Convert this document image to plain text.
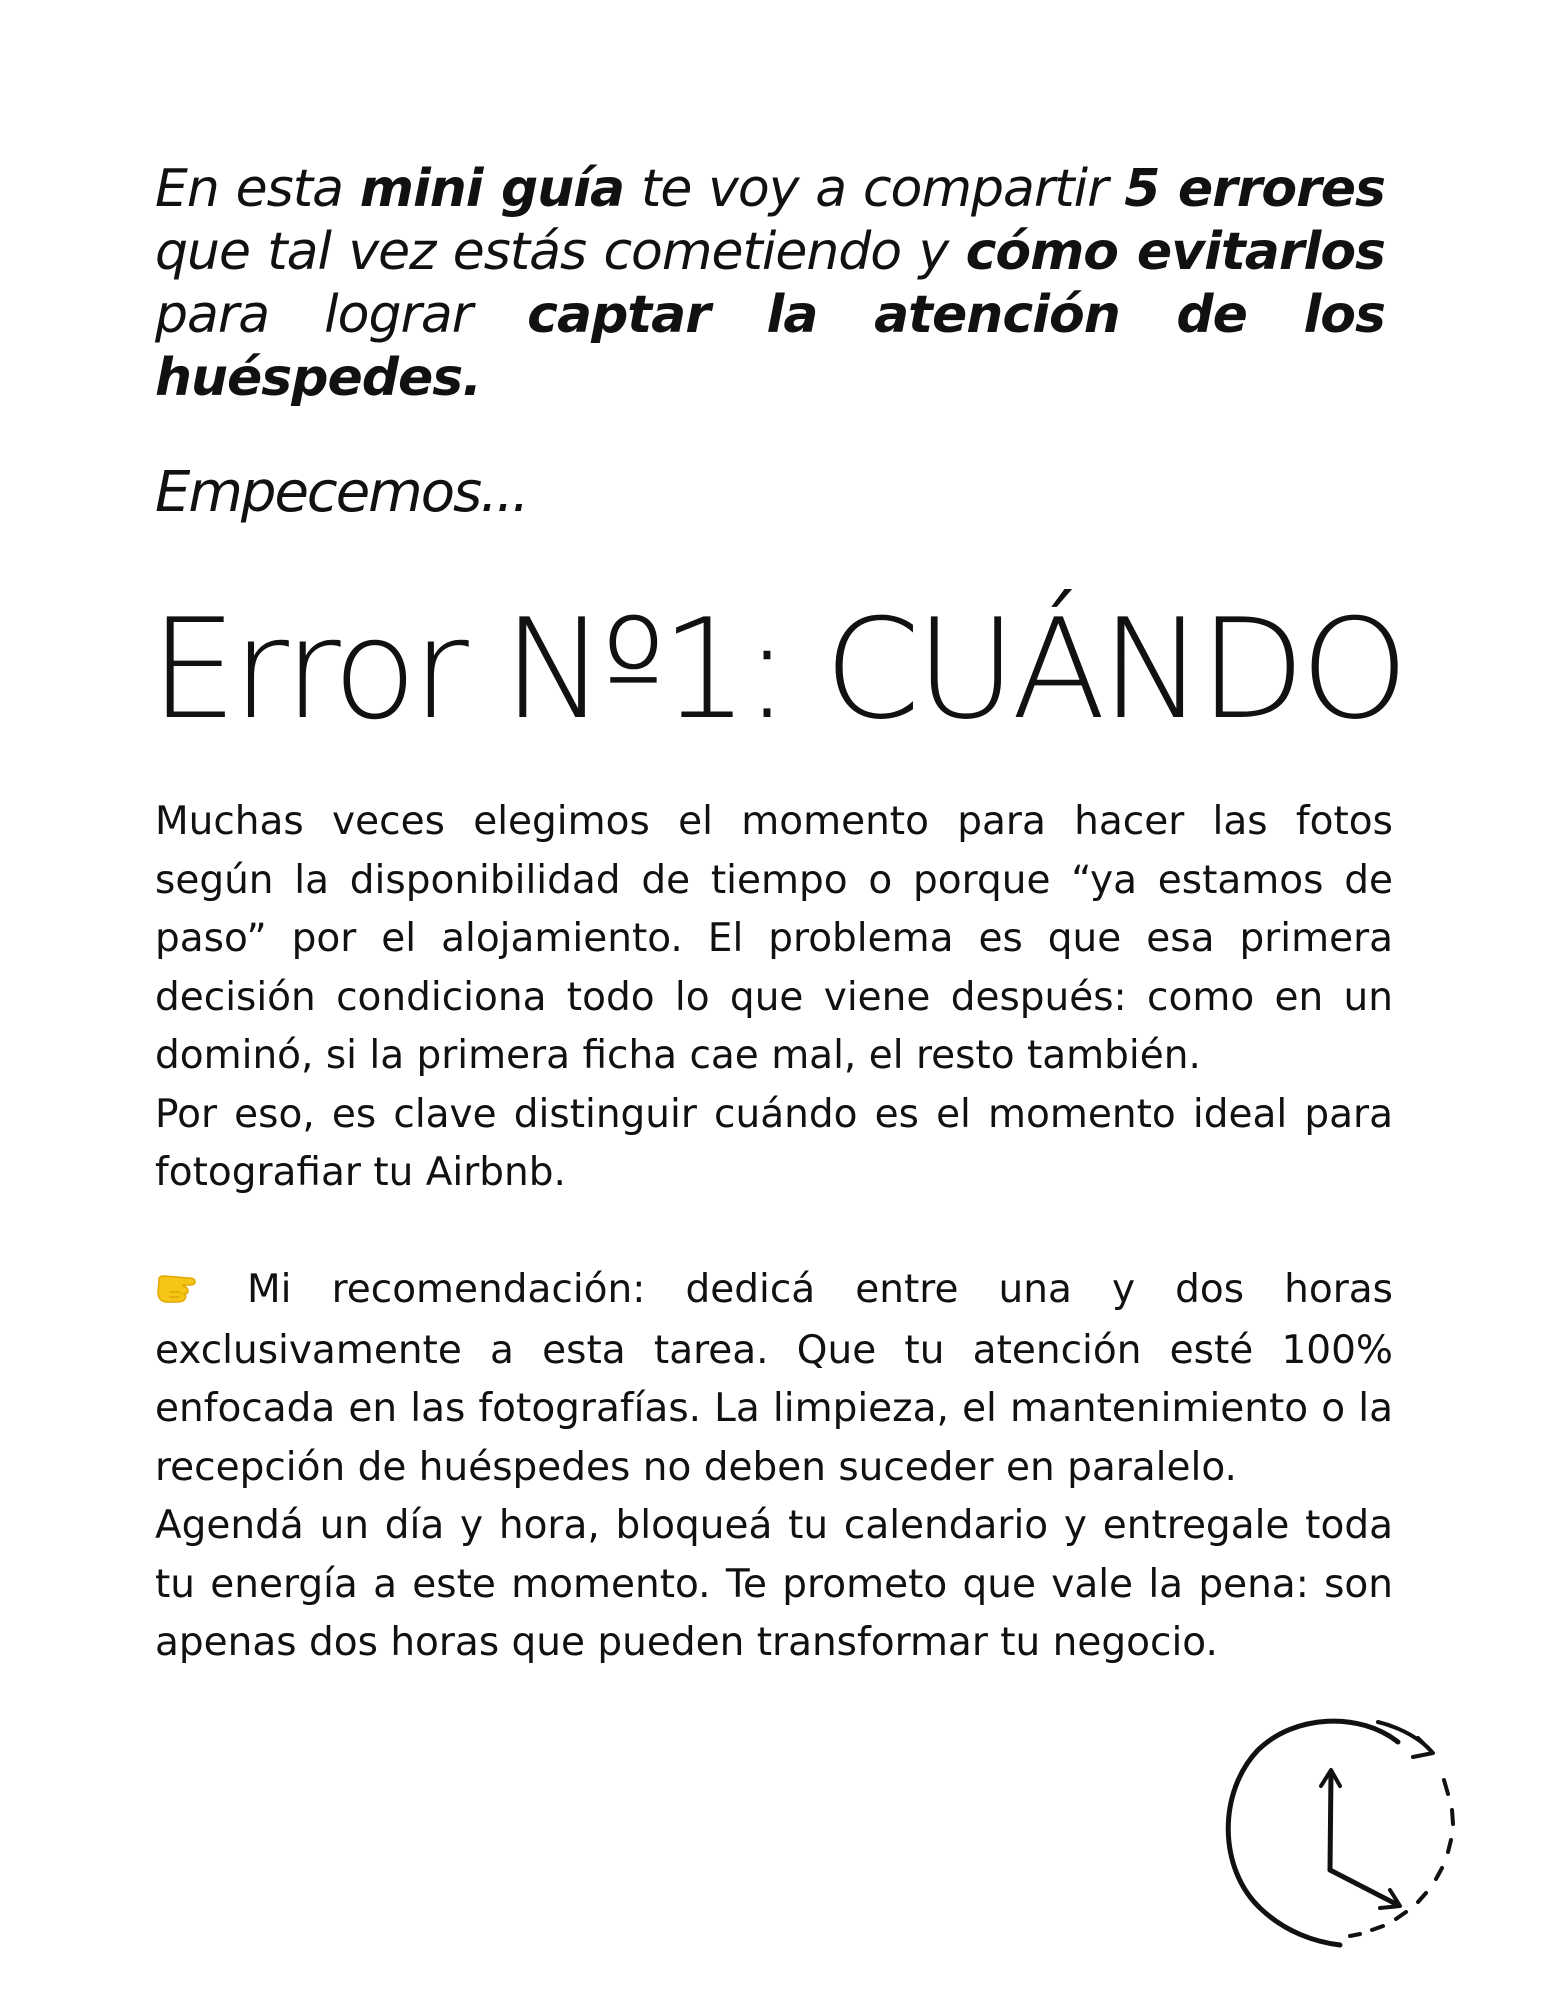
En esta mini guía te voy a compartir 5 errores que tal vez estás cometiendo y cómo evitarlos para lograr captar la atención de los huéspedes.
Empecemos...
Error Nº1: CUÁNDO

Muchas veces elegimos el momento para hacer las fotos según la disponibilidad de tiempo o porque “ya estamos de paso” por el alojamiento. El problema es que esa primera decisión condiciona todo lo que viene después: como en un dominó, si la primera ficha cae mal, el resto también.

Por eso, es clave distinguir cuándo es el momento ideal para fotografiar tu Airbnb.

Mi recomendación: dedicá entre una y dos horas exclusivamente a esta tarea. Que tu atención esté 100% enfocada en las fotografías. La limpieza, el mantenimiento o la recepción de huéspedes no deben suceder en paralelo.

Agendá un día y hora, bloqueá tu calendario y entregale toda tu energía a este momento. Te prometo que vale la pena: son apenas dos horas que pueden transformar tu negocio.
